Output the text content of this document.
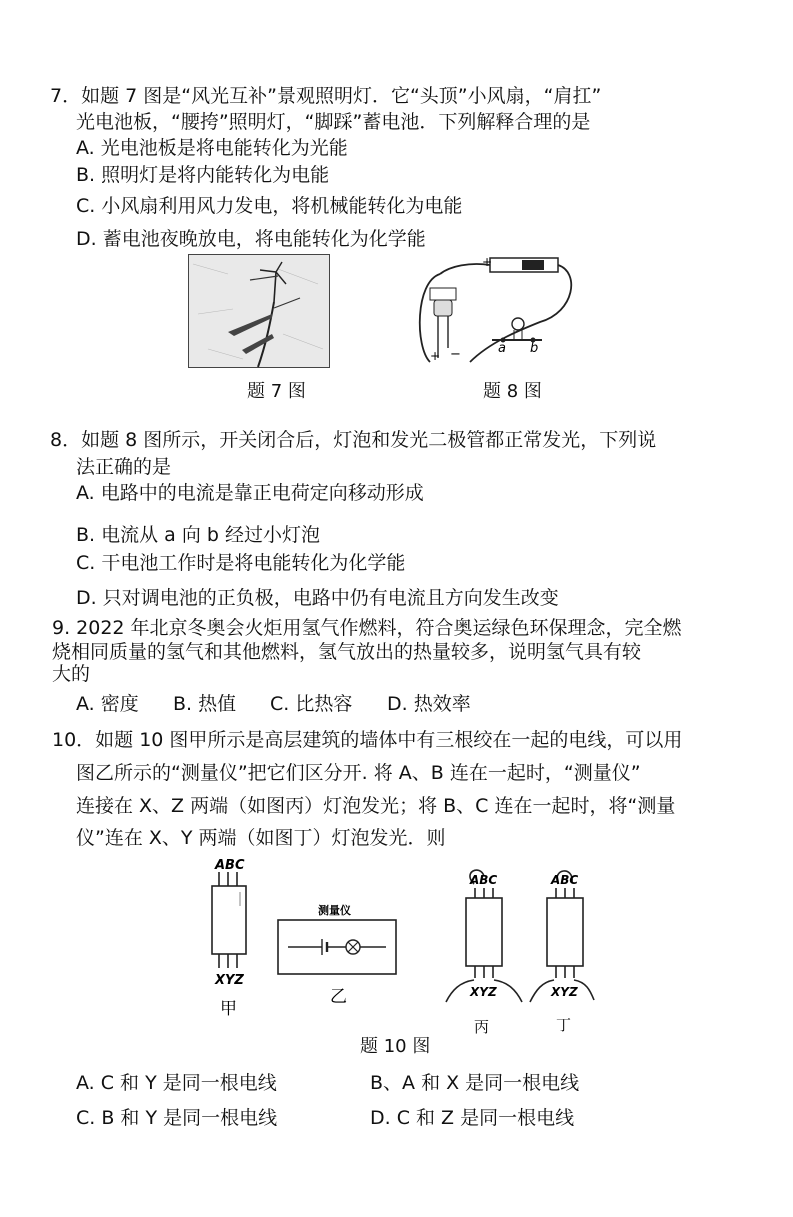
7．如题 7 图是“风光互补”景观照明灯．它“头顶”小风扇，“肩扛”
光电池板，“腰挎”照明灯，“脚踩”蓄电池．下列解释合理的是
A. 光电池板是将电能转化为光能
B. 照明灯是将内能转化为电能
C. 小风扇利用风力发电，将机械能转化为电能
D. 蓄电池夜晚放电，将电能转化为化学能
题 7 图
+
+ −	a b
题 8 图
8．如题 8 图所示，开关闭合后，灯泡和发光二极管都正常发光，下列说
法正确的是
A. 电路中的电流是靠正电荷定向移动形成
B. 电流从 a 向 b 经过小灯泡
C. 干电池工作时是将电能转化为化学能
D. 只对调电池的正负极，电路中仍有电流且方向发生改变
9. 2022 年北京冬奥会火炬用氢气作燃料，符合奥运绿色环保理念，完全燃
烧相同质量的氢气和其他燃料，氢气放出的热量较多，说明氢气具有较
大的
A. 密度 B. 热值 C. 比热容 D. 热效率
10．如题 10 图甲所示是高层建筑的墙体中有三根绞在一起的电线，可以用
图乙所示的“测量仪”把它们区分开. 将 A、B 连在一起时，“测量仪”
连接在 X、Z 两端（如图丙）灯泡发光；将 B、C 连在一起时，将“测量
仪”连在 X、Y 两端（如图丁）灯泡发光．则
ABC
XYZ
甲
测量仪
乙
ABC
XYZ
丙
ABC
XYZ
丁
题 10 图
A. C 和 Y 是同一根电线	B、A 和 X 是同一根电线
C. B 和 Y 是同一根电线	D. C 和 Z 是同一根电线
